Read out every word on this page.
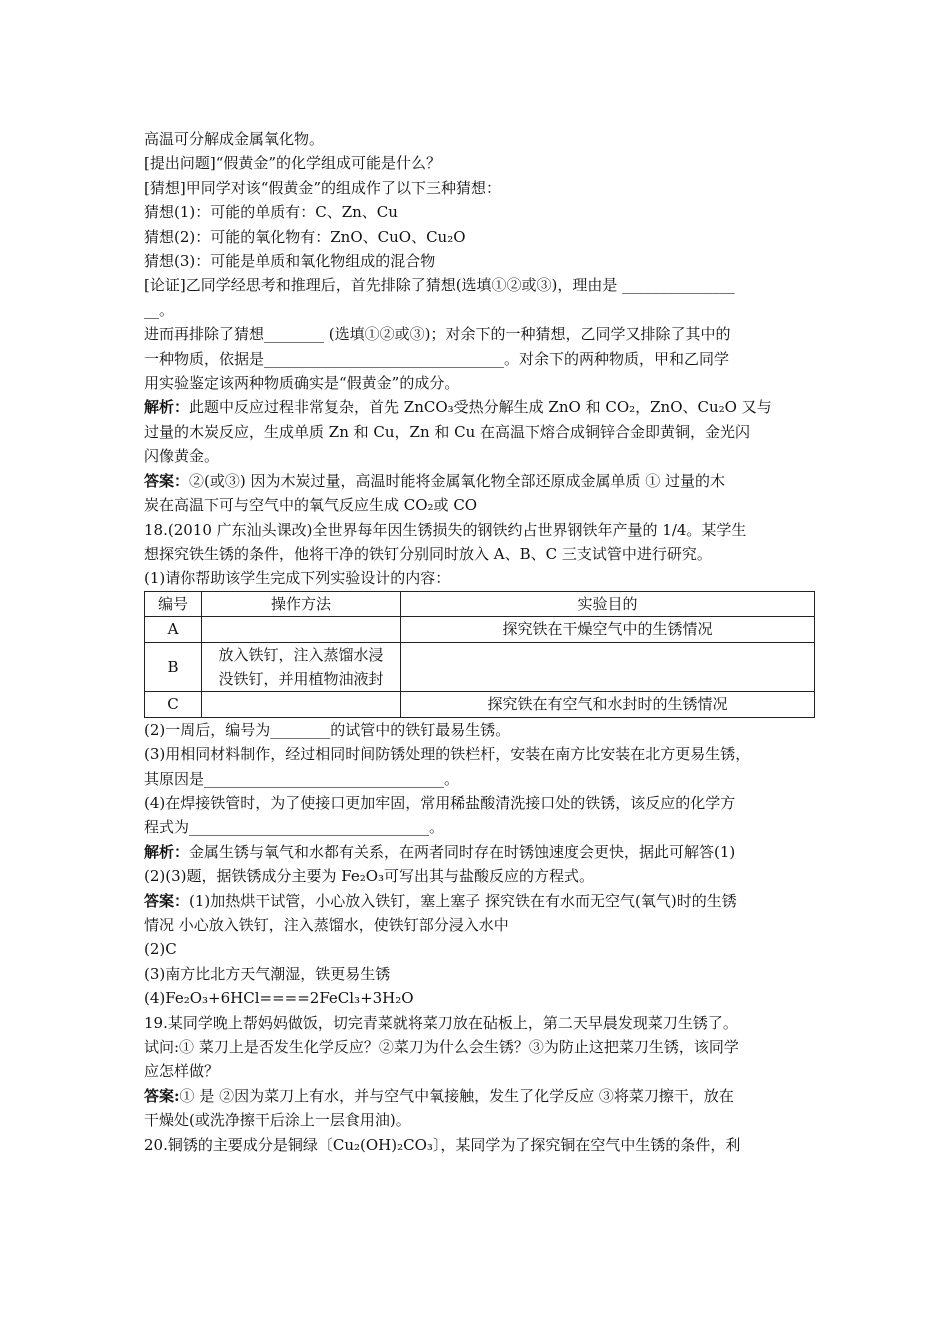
高温可分解成金属氧化物。
[提出问题]“假黄金”的化学组成可能是什么？
[猜想]甲同学对该“假黄金”的组成作了以下三种猜想：
猜想(1)：可能的单质有：C、Zn、Cu
猜想(2)：可能的氧化物有：ZnO、CuO、Cu₂O
猜想(3)：可能是单质和氧化物组成的混合物
[论证]乙同学经思考和推理后，首先排除了猜想(选填①②或③)，理由是 _______________
__。
进而再排除了猜想________ (选填①②或③)；对余下的一种猜想，乙同学又排除了其中的
一种物质，依据是________________________________。对余下的两种物质，甲和乙同学
用实验鉴定该两种物质确实是“假黄金”的成分。
解析：此题中反应过程非常复杂，首先 ZnCO₃受热分解生成 ZnO 和 CO₂，ZnO、Cu₂O 又与
过量的木炭反应，生成单质 Zn 和 Cu，Zn 和 Cu 在高温下熔合成铜锌合金即黄铜，金光闪
闪像黄金。
答案：②(或③) 因为木炭过量，高温时能将金属氧化物全部还原成金属单质 ① 过量的木
炭在高温下可与空气中的氧气反应生成 CO₂或 CO
18.(2010 广东汕头课改)全世界每年因生锈损失的钢铁约占世界钢铁年产量的 1/4。某学生
想探究铁生锈的条件，他将干净的铁钉分别同时放入 A、B、C 三支试管中进行研究。
(1)请你帮助该学生完成下列实验设计的内容：
编号	操作方法	实验目的
A		探究铁在干燥空气中的生锈情况
B	放入铁钉，注入蒸馏水浸没铁钉，并用植物油液封	
C		探究铁在有空气和水封时的生锈情况
(2)一周后，编号为________的试管中的铁钉最易生锈。
(3)用相同材料制作，经过相同时间防锈处理的铁栏杆，安装在南方比安装在北方更易生锈，
其原因是________________________________。
(4)在焊接铁管时，为了使接口更加牢固，常用稀盐酸清洗接口处的铁锈，该反应的化学方
程式为________________________________。
解析：金属生锈与氧气和水都有关系，在两者同时存在时锈蚀速度会更快，据此可解答(1)
(2)(3)题，据铁锈成分主要为 Fe₂O₃可写出其与盐酸反应的方程式。
答案：(1)加热烘干试管，小心放入铁钉，塞上塞子 探究铁在有水而无空气(氧气)时的生锈
情况 小心放入铁钉，注入蒸馏水，使铁钉部分浸入水中
(2)C
(3)南方比北方天气潮湿，铁更易生锈
(4)Fe₂O₃+6HCl====2FeCl₃+3H₂O
19.某同学晚上帮妈妈做饭，切完青菜就将菜刀放在砧板上，第二天早晨发现菜刀生锈了。
试问:① 菜刀上是否发生化学反应？②菜刀为什么会生锈？③为防止这把菜刀生锈，该同学
应怎样做？
答案:① 是 ②因为菜刀上有水，并与空气中氧接触，发生了化学反应 ③将菜刀擦干，放在
干燥处(或洗净擦干后涂上一层食用油)。
20.铜锈的主要成分是铜绿〔Cu₂(OH)₂CO₃〕，某同学为了探究铜在空气中生锈的条件，利
